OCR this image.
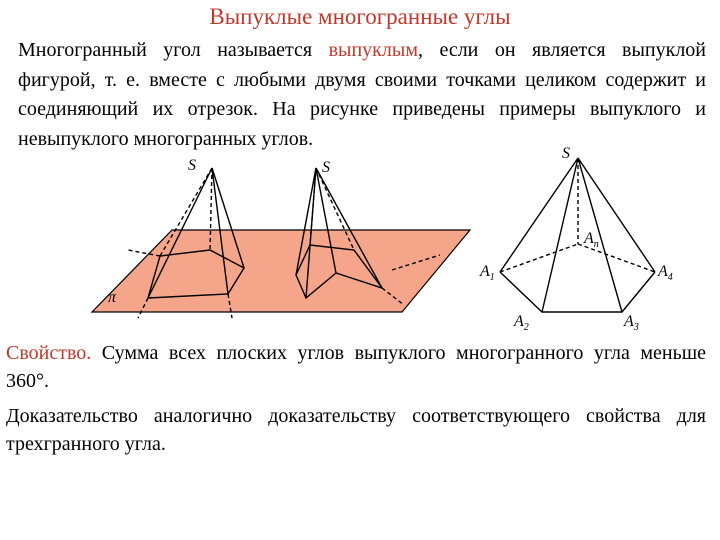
Выпуклые многогранные углы
Многогранный угол называется выпуклым, если он является выпуклой фигурой, т. е. вместе с любыми двумя своими точками целиком содержит и соединяющий их отрезок. На рисунке приведены примеры выпуклого и невыпуклого многогранных углов.
S	S
π
S
$A_1$
$A_2$	$A_3$
$A_4$
$A_n$
Свойство. Сумма всех плоских углов выпуклого многогранного угла меньше 360°.
Доказательство аналогично доказательству соответствующего свойства для трехгранного угла.
